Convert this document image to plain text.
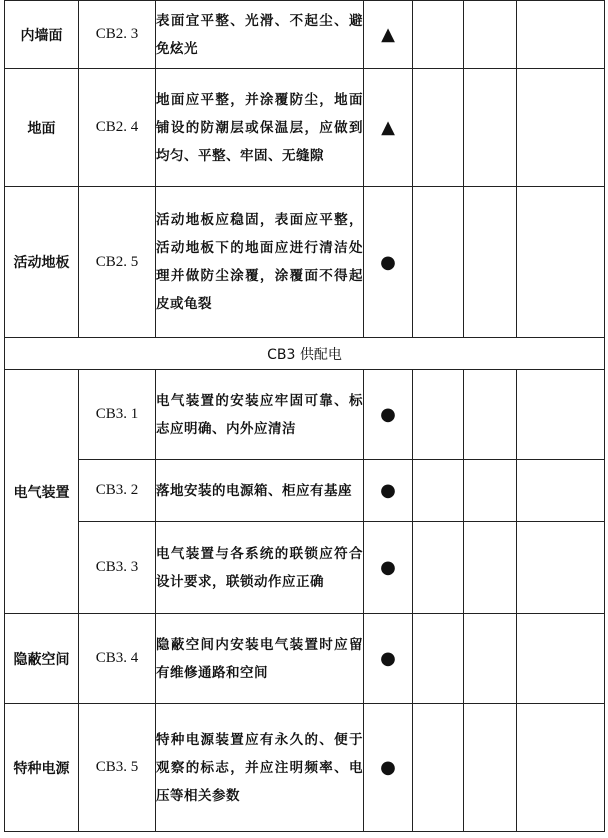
内墙面	CB2. 3	表面宜平整、光滑、不起尘、避免炫光	▲			
地面	CB2. 4	地面应平整，并涂覆防尘，地面铺设的防潮层或保温层，应做到均匀、平整、牢固、无缝隙	▲			
活动地板	CB2. 5	活动地板应稳固，表面应平整，活动地板下的地面应进行清洁处理并做防尘涂覆，涂覆面不得起皮或龟裂	●			
CB3 供配电						
电气装置	CB3. 1	电气装置的安装应牢固可靠、标志应明确、内外应清洁	●			
	CB3. 2	落地安装的电源箱、柜应有基座	●			
	CB3. 3	电气装置与各系统的联锁应符合设计要求，联锁动作应正确	●			
隐蔽空间	CB3. 4	隐蔽空间内安装电气装置时应留有维修通路和空间	●			
特种电源	CB3. 5	特种电源装置应有永久的、便于观察的标志，并应注明频率、电压等相关参数	●			
